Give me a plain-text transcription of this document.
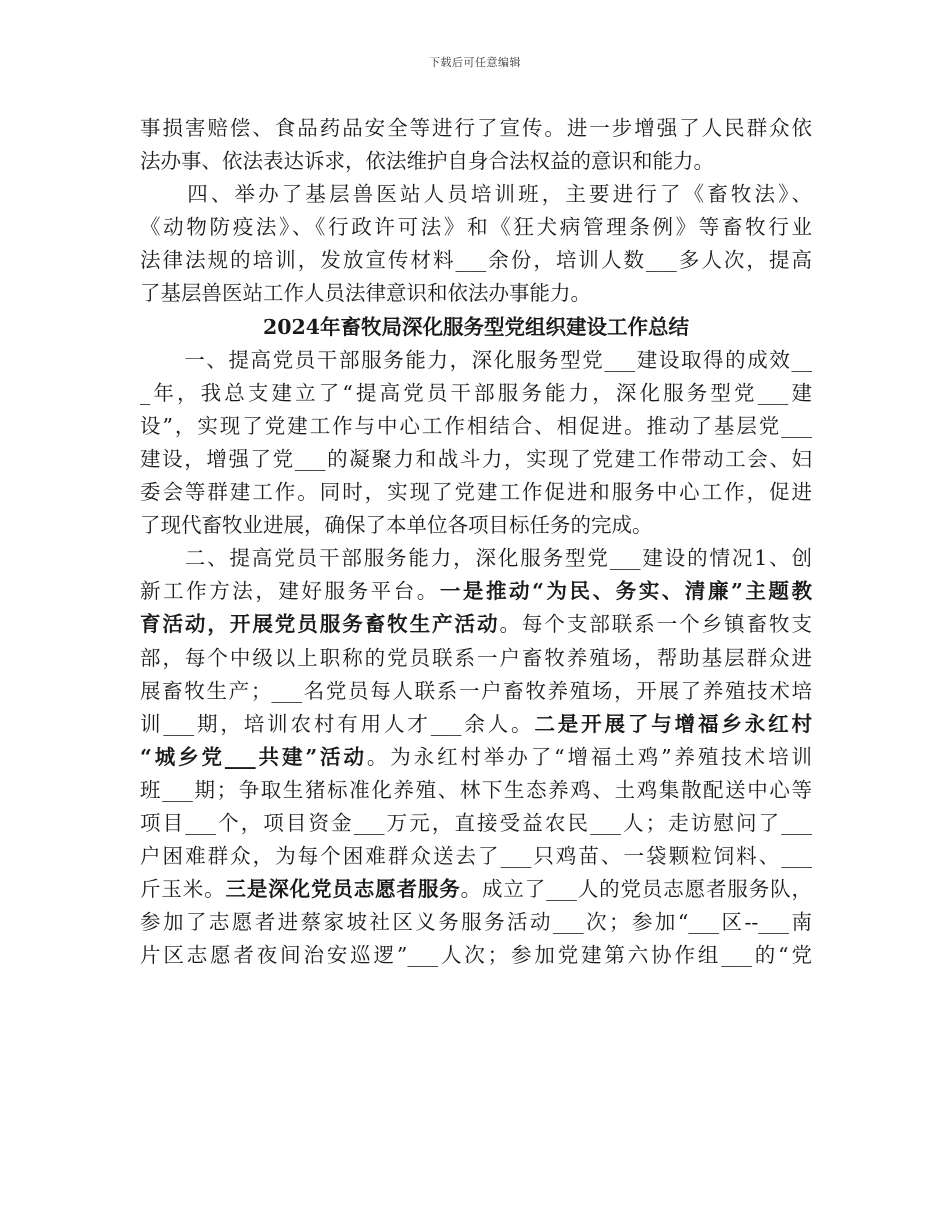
下载后可任意编辑
事损害赔偿、食品药品安全等进行了宣传。进一步增强了人民群众依
法办事、依法表达诉求，依法维护自身合法权益的意识和能力。
　　四、举办了基层兽医站人员培训班，主要进行了《畜牧法》、
《动物防疫法》、《行政许可法》和《狂犬病管理条例》等畜牧行业
法律法规的培训，发放宣传材料___余份，培训人数___多人次，提高
了基层兽医站工作人员法律意识和依法办事能力。
2024年畜牧局深化服务型党组织建设工作总结
　　一、提高党员干部服务能力，深化服务型党___建设取得的成效__
_年，我总支建立了“提高党员干部服务能力，深化服务型党___建
设”，实现了党建工作与中心工作相结合、相促进。推动了基层党___
建设，增强了党___的凝聚力和战斗力，实现了党建工作带动工会、妇
委会等群建工作。同时，实现了党建工作促进和服务中心工作，促进
了现代畜牧业进展，确保了本单位各项目标任务的完成。
　　二、提高党员干部服务能力，深化服务型党___建设的情况1、创
新工作方法，建好服务平台。一是推动“为民、务实、清廉”主题教
育活动，开展党员服务畜牧生产活动。每个支部联系一个乡镇畜牧支
部，每个中级以上职称的党员联系一户畜牧养殖场，帮助基层群众进
展畜牧生产；___名党员每人联系一户畜牧养殖场，开展了养殖技术培
训___期，培训农村有用人才___余人。二是开展了与增福乡永红村
“城乡党___共建”活动。为永红村举办了“增福土鸡”养殖技术培训
班___期；争取生猪标准化养殖、林下生态养鸡、土鸡集散配送中心等
项目___个，项目资金___万元，直接受益农民___人；走访慰问了___
户困难群众，为每个困难群众送去了___只鸡苗、一袋颗粒饲料、___
斤玉米。三是深化党员志愿者服务。成立了___人的党员志愿者服务队，
参加了志愿者进蔡家坡社区义务服务活动___次；参加“___区--___南
片区志愿者夜间治安巡逻”___人次；参加党建第六协作组___的“党
